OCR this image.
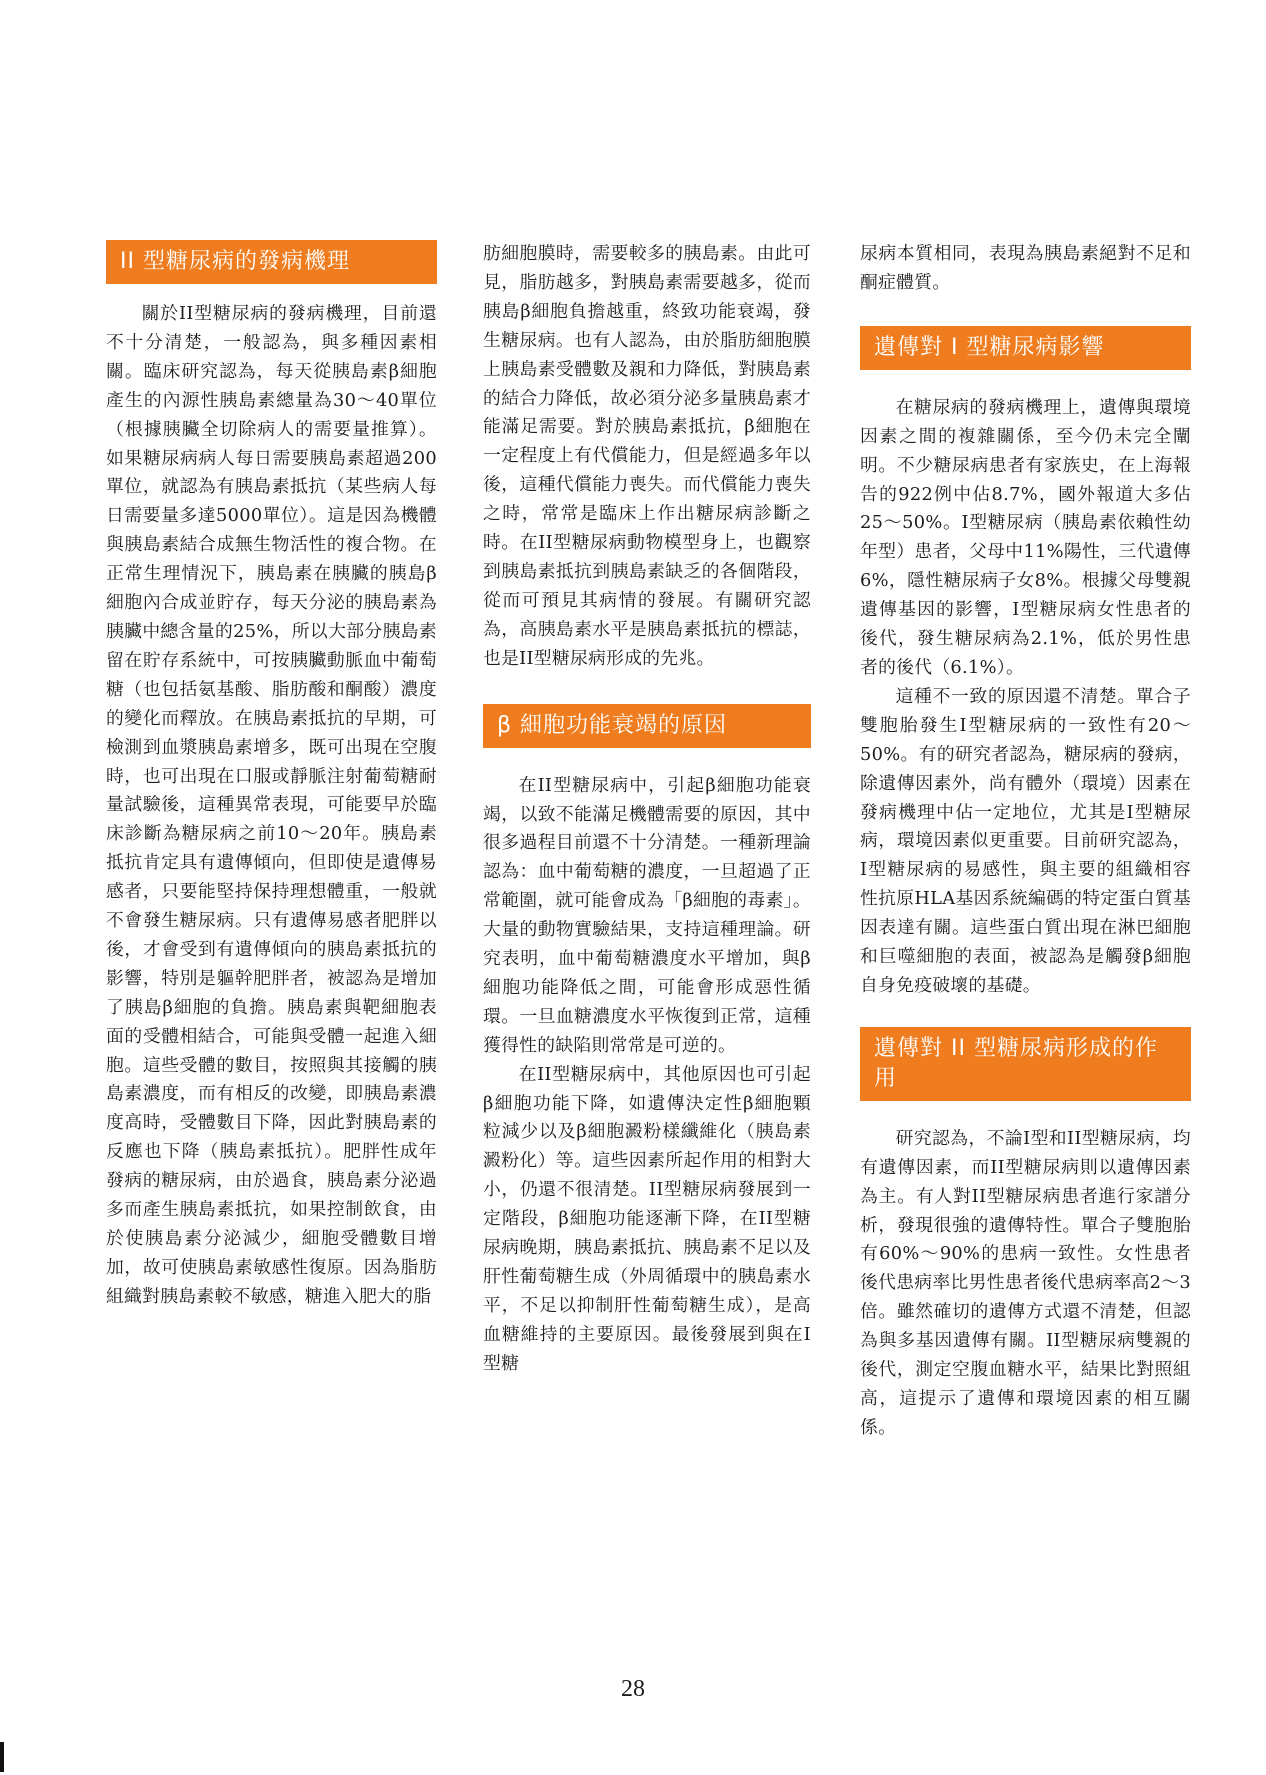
II 型糖尿病的發病機理

關於II型糖尿病的發病機理，目前還不十分清楚，一般認為，與多種因素相關。臨床研究認為，每天從胰島素β細胞產生的內源性胰島素總量為30～40單位（根據胰臟全切除病人的需要量推算）。如果糖尿病病人每日需要胰島素超過200單位，就認為有胰島素抵抗（某些病人每日需要量多達5000單位）。這是因為機體與胰島素結合成無生物活性的複合物。在正常生理情況下，胰島素在胰臟的胰島β細胞內合成並貯存，每天分泌的胰島素為胰臟中總含量的25%，所以大部分胰島素留在貯存系統中，可按胰臟動脈血中葡萄糖（也包括氨基酸、脂肪酸和酮酸）濃度的變化而釋放。在胰島素抵抗的早期，可檢測到血漿胰島素增多，既可出現在空腹時，也可出現在口服或靜脈注射葡萄糖耐量試驗後，這種異常表現，可能要早於臨床診斷為糖尿病之前10～20年。胰島素抵抗肯定具有遺傳傾向，但即使是遺傳易感者，只要能堅持保持理想體重，一般就不會發生糖尿病。只有遺傳易感者肥胖以後，才會受到有遺傳傾向的胰島素抵抗的影響，特別是軀幹肥胖者，被認為是增加了胰島β細胞的負擔。胰島素與靶細胞表面的受體相結合，可能與受體一起進入細胞。這些受體的數目，按照與其接觸的胰島素濃度，而有相反的改變，即胰島素濃度高時，受體數目下降，因此對胰島素的反應也下降（胰島素抵抗）。肥胖性成年發病的糖尿病，由於過食，胰島素分泌過多而產生胰島素抵抗，如果控制飲食，由於使胰島素分泌減少，細胞受體數目增加，故可使胰島素敏感性復原。因為脂肪組織對胰島素較不敏感，糖進入肥大的脂

肪細胞膜時，需要較多的胰島素。由此可見，脂肪越多，對胰島素需要越多，從而胰島β細胞負擔越重，終致功能衰竭，發生糖尿病。也有人認為，由於脂肪細胞膜上胰島素受體數及親和力降低，對胰島素的結合力降低，故必須分泌多量胰島素才能滿足需要。對於胰島素抵抗，β細胞在一定程度上有代償能力，但是經過多年以後，這種代償能力喪失。而代償能力喪失之時，常常是臨床上作出糖尿病診斷之時。在II型糖尿病動物模型身上，也觀察到胰島素抵抗到胰島素缺乏的各個階段，從而可預見其病情的發展。有關研究認為，高胰島素水平是胰島素抵抗的標誌，也是II型糖尿病形成的先兆。

β 細胞功能衰竭的原因

在II型糖尿病中，引起β細胞功能衰竭，以致不能滿足機體需要的原因，其中很多過程目前還不十分清楚。一種新理論認為：血中葡萄糖的濃度，一旦超過了正常範圍，就可能會成為「β細胞的毒素」。大量的動物實驗結果，支持這種理論。研究表明，血中葡萄糖濃度水平增加，與β細胞功能降低之間，可能會形成惡性循環。一旦血糖濃度水平恢復到正常，這種獲得性的缺陷則常常是可逆的。

在II型糖尿病中，其他原因也可引起β細胞功能下降，如遺傳決定性β細胞顆粒減少以及β細胞澱粉樣纖維化（胰島素澱粉化）等。這些因素所起作用的相對大小，仍還不很清楚。II型糖尿病發展到一定階段，β細胞功能逐漸下降，在II型糖尿病晚期，胰島素抵抗、胰島素不足以及肝性葡萄糖生成（外周循環中的胰島素水平，不足以抑制肝性葡萄糖生成），是高血糖維持的主要原因。最後發展到與在I型糖

尿病本質相同，表現為胰島素絕對不足和酮症體質。

遺傳對 I 型糖尿病影響

在糖尿病的發病機理上，遺傳與環境因素之間的複雜關係，至今仍未完全闡明。不少糖尿病患者有家族史，在上海報告的922例中佔8.7%，國外報道大多佔25～50%。I型糖尿病（胰島素依賴性幼年型）患者，父母中11%陽性，三代遺傳6%，隱性糖尿病子女8%。根據父母雙親遺傳基因的影響，I型糖尿病女性患者的後代，發生糖尿病為2.1%，低於男性患者的後代（6.1%）。

這種不一致的原因還不清楚。單合子雙胞胎發生I型糖尿病的一致性有20～50%。有的研究者認為，糖尿病的發病，除遺傳因素外，尚有體外（環境）因素在發病機理中佔一定地位，尤其是I型糖尿病，環境因素似更重要。目前研究認為，I型糖尿病的易感性，與主要的組織相容性抗原HLA基因系統編碼的特定蛋白質基因表達有關。這些蛋白質出現在淋巴細胞和巨噬細胞的表面，被認為是觸發β細胞自身免疫破壞的基礎。

遺傳對 II 型糖尿病形成的作用

研究認為，不論I型和II型糖尿病，均有遺傳因素，而II型糖尿病則以遺傳因素為主。有人對II型糖尿病患者進行家譜分析，發現很強的遺傳特性。單合子雙胞胎有60%～90%的患病一致性。女性患者後代患病率比男性患者後代患病率高2～3倍。雖然確切的遺傳方式還不清楚，但認為與多基因遺傳有關。II型糖尿病雙親的後代，測定空腹血糖水平，結果比對照組高，這提示了遺傳和環境因素的相互關係。

28
